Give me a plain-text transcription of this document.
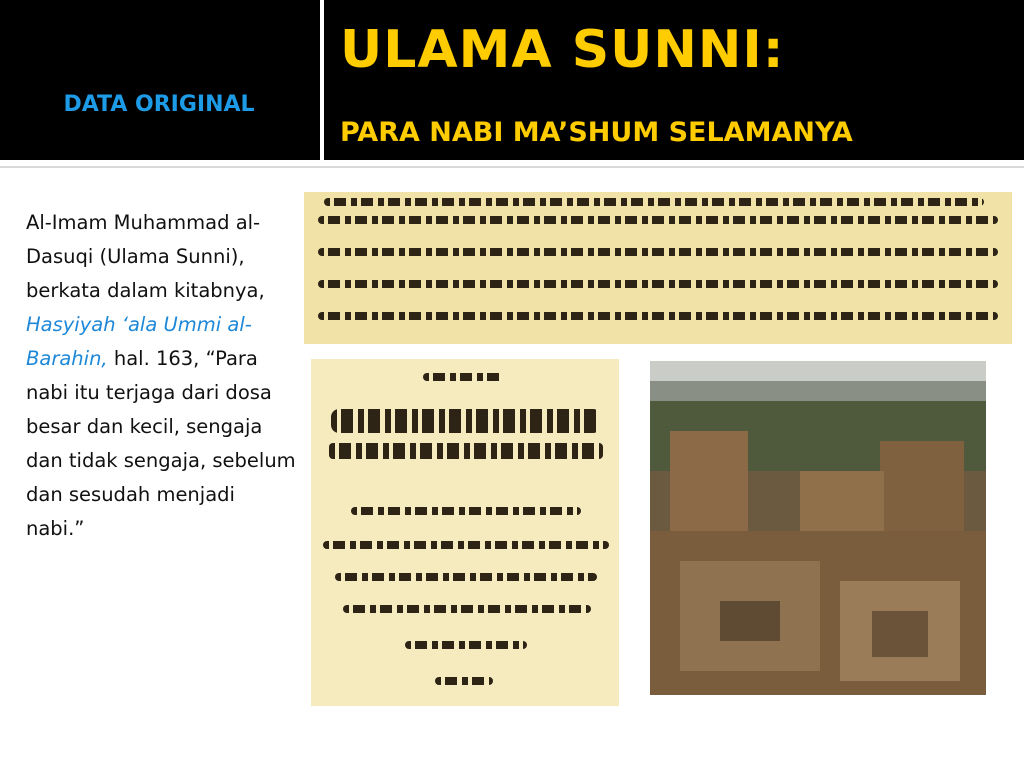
DATA ORIGINAL
ULAMA SUNNI:
PARA NABI MA’SHUM SELAMANYA
Al-Imam Muhammad al-Dasuqi (Ulama Sunni), berkata dalam kitabnya, Hasyiyah ‘ala Ummi al-Barahin, hal. 163, “Para nabi itu terjaga dari dosa besar dan kecil, sengaja dan tidak sengaja, sebelum dan sesudah menjadi nabi.”
